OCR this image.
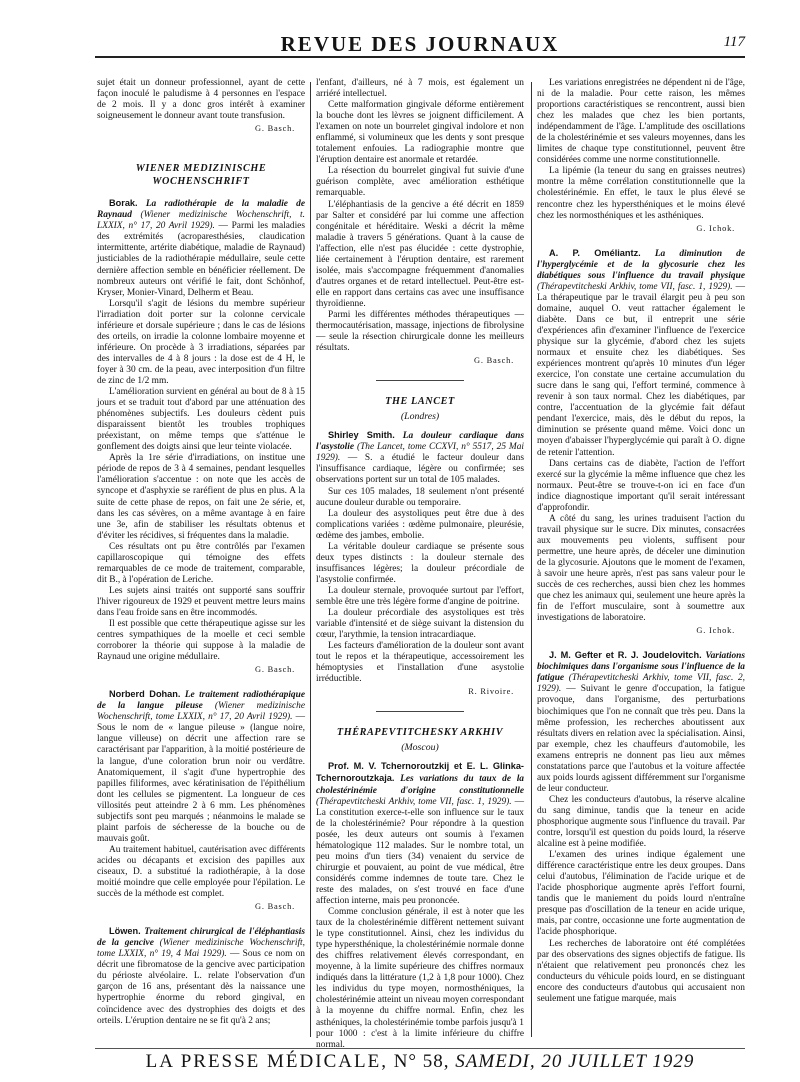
REVUE DES JOURNAUX	117

sujet était un donneur professionnel, ayant de cette façon inoculé le paludisme à 4 personnes en l'espace de 2 mois. Il y a donc gros intérêt à examiner soigneusement le donneur avant toute transfusion.

G. Basch.
WIENER MEDIZINISCHE WOCHENSCHRIFT

Borak. La radiothérapie de la maladie de Raynaud (Wiener medizinische Wochenschrift, t. LXXIX, n° 17, 20 Avril 1929). — Parmi les maladies des extrémités (acroparesthésies, claudication intermittente, artérite diabétique, maladie de Raynaud) justiciables de la radiothérapie médullaire, seule cette dernière affection semble en bénéficier réellement. De nombreux auteurs ont vérifié le fait, dont Schönhof, Kryser, Monier-Vinard, Delherm et Beau.

Lorsqu'il s'agit de lésions du membre supérieur l'irradiation doit porter sur la colonne cervicale inférieure et dorsale supérieure ; dans le cas de lésions des orteils, on irradie la colonne lombaire moyenne et inférieure. On procède à 3 irradiations, séparées par des intervalles de 4 à 8 jours : la dose est de 4 H, le foyer à 30 cm. de la peau, avec interposition d'un filtre de zinc de 1/2 mm.

L'amélioration survient en général au bout de 8 à 15 jours et se traduit tout d'abord par une atténuation des phénomènes subjectifs. Les douleurs cèdent puis disparaissent bientôt les troubles trophiques préexistant, on même temps que s'atténue le gonflement des doigts ainsi que leur teinte violacée.

Après la 1re série d'irradiations, on institue une période de repos de 3 à 4 semaines, pendant lesquelles l'amélioration s'accentue : on note que les accès de syncope et d'asphyxie se raréfient de plus en plus. A la suite de cette phase de repos, on fait une 2e série, et, dans les cas sévères, on a même avantage à en faire une 3e, afin de stabiliser les résultats obtenus et d'éviter les récidives, si fréquentes dans la maladie.

Ces résultats ont pu être contrôlés par l'examen capillaroscopique qui témoigne des effets remarquables de ce mode de traitement, comparable, dit B., à l'opération de Leriche.

Les sujets ainsi traités ont supporté sans souffrir l'hiver rigoureux de 1929 et peuvent mettre leurs mains dans l'eau froide sans en être incommodés.

Il est possible que cette thérapeutique agisse sur les centres sympathiques de la moelle et ceci semble corroborer la théorie qui suppose à la maladie de Raynaud une origine médullaire.

G. Basch.

Norberd Dohan. Le traitement radiothérapique de la langue pileuse (Wiener medizinische Wochenschrift, tome LXXIX, n° 17, 20 Avril 1929). — Sous le nom de « langue pileuse » (langue noire, langue villeuse) on décrit une affection rare se caractérisant par l'apparition, à la moitié postérieure de la langue, d'une coloration brun noir ou verdâtre. Anatomiquement, il s'agit d'une hypertrophie des papilles filiformes, avec kératinisation de l'épithélium dont les cellules se pigmentent. La longueur de ces villosités peut atteindre 2 à 6 mm. Les phénomènes subjectifs sont peu marqués ; néanmoins le malade se plaint parfois de sécheresse de la bouche ou de mauvais goût.

Au traitement habituel, cautérisation avec différents acides ou décapants et excision des papilles aux ciseaux, D. a substitué la radiothérapie, à la dose moitié moindre que celle employée pour l'épilation. Le succès de la méthode est complet.

G. Basch.

Löwen. Traitement chirurgical de l'éléphantiasis de la gencive (Wiener medizinische Wochenschrift, tome LXXIX, n° 19, 4 Mai 1929). — Sous ce nom on décrit une fibromatose de la gencive avec participation du périoste alvéolaire. L. relate l'observation d'un garçon de 16 ans, présentant dès la naissance une hypertrophie énorme du rebord gingival, en coïncidence avec des dystrophies des doigts et des orteils. L'éruption dentaire ne se fit qu'à 2 ans;

l'enfant, d'ailleurs, né à 7 mois, est également un arriéré intellectuel.

Cette malformation gingivale déforme entièrement la bouche dont les lèvres se joignent difficilement. A l'examen on note un bourrelet gingival indolore et non enflammé, si volumineux que les dents y sont presque totalement enfouies. La radiographie montre que l'éruption dentaire est anormale et retardée.

La résection du bourrelet gingival fut suivie d'une guérison complète, avec amélioration esthétique remarquable.

L'éléphantiasis de la gencive a été décrit en 1859 par Salter et considéré par lui comme une affection congénitale et héréditaire. Weski a décrit la même maladie à travers 5 générations. Quant à la cause de l'affection, elle n'est pas élucidée : cette dystrophie, liée certainement à l'éruption dentaire, est rarement isolée, mais s'accompagne fréquemment d'anomalies d'autres organes et de retard intellectuel. Peut-être est-elle en rapport dans certains cas avec une insuffisance thyroïdienne.

Parmi les différentes méthodes thérapeutiques — thermocautérisation, massage, injections de fibrolysine — seule la résection chirurgicale donne les meilleurs résultats.

G. Basch.
THE LANCET
(Londres)

Shirley Smith. La douleur cardiaque dans l'asystolie (The Lancet, tome CCXVI, n° 5517, 25 Mai 1929). — S. a étudié le facteur douleur dans l'insuffisance cardiaque, légère ou confirmée; ses observations portent sur un total de 105 malades.

Sur ces 105 malades, 18 seulement n'ont présenté aucune douleur durable ou temporaire.

La douleur des asystoliques peut être due à des complications variées : œdème pulmonaire, pleurésie, œdème des jambes, embolie.

La véritable douleur cardiaque se présente sous deux types distincts : la douleur sternale des insuffisances légères; la douleur précordiale de l'asystolie confirmée.

La douleur sternale, provoquée surtout par l'effort, semble être une très légère forme d'angine de poitrine.

La douleur précordiale des asystoliques est très variable d'intensité et de siège suivant la distension du cœur, l'arythmie, la tension intracardiaque.

Les facteurs d'amélioration de la douleur sont avant tout le repos et la thérapeutique, accessoirement les hémoptysies et l'installation d'une asystolie irréductible.

R. Rivoire.
THÉRAPEVTITCHESKY ARKHIV
(Moscou)

Prof. M. V. Tchernoroutzkij et E. L. Glinka-Tchernoroutzkaja. Les variations du taux de la cholestérinémie d'origine constitutionnelle (Thérapevtitcheski Arkhiv, tome VII, fasc. 1, 1929). — La constitution exerce-t-elle son influence sur le taux de la cholestérinémie? Pour répondre à la question posée, les deux auteurs ont soumis à l'examen hématologique 112 malades. Sur le nombre total, un peu moins d'un tiers (34) venaient du service de chirurgie et pouvaient, au point de vue médical, être considérés comme indemnes de toute tare. Chez le reste des malades, on s'est trouvé en face d'une affection interne, mais peu prononcée.

Comme conclusion générale, il est à noter que les taux de la cholestérinémie diffèrent nettement suivant le type constitutionnel. Ainsi, chez les individus du type hypersthénique, la cholestérinémie normale donne des chiffres relativement élevés correspondant, en moyenne, à la limite supérieure des chiffres normaux indiqués dans la littérature (1,2 à 1,8 pour 1000). Chez les individus du type moyen, normosthéniques, la cholestérinémie atteint un niveau moyen correspondant à la moyenne du chiffre normal. Enfin, chez les asthéniques, la cholestérinémie tombe parfois jusqu'à 1 pour 1000 : c'est à la limite inférieure du chiffre normal.

Les variations enregistrées ne dépendent ni de l'âge, ni de la maladie. Pour cette raison, les mêmes proportions caractéristiques se rencontrent, aussi bien chez les malades que chez les bien portants, indépendamment de l'âge. L'amplitude des oscillations de la cholestérinémie et ses valeurs moyennes, dans les limites de chaque type constitutionnel, peuvent être considérées comme une norme constitutionnelle.

La lipémie (la teneur du sang en graisses neutres) montre la même corrélation constitutionnelle que la cholestérinémie. En effet, le taux le plus élevé se rencontre chez les hypersthéniques et le moins élevé chez les normosthéniques et les asthéniques.

G. Ichok.

A. P. Oméliantz. La diminution de l'hyperglycémie et de la glycosurie chez les diabétiques sous l'influence du travail physique (Thérapevtitcheski Arkhiv, tome VII, fasc. 1, 1929). — La thérapeutique par le travail élargit peu à peu son domaine, auquel O. veut rattacher également le diabète. Dans ce but, il entreprit une série d'expériences afin d'examiner l'influence de l'exercice physique sur la glycémie, d'abord chez les sujets normaux et ensuite chez les diabétiques. Ses expériences montrent qu'après 10 minutes d'un léger exercice, l'on constate une certaine accumulation du sucre dans le sang qui, l'effort terminé, commence à revenir à son taux normal. Chez les diabétiques, par contre, l'accentuation de la glycémie fait défaut pendant l'exercice, mais, dès le début du repos, la diminution se présente quand même. Voici donc un moyen d'abaisser l'hyperglycémie qui paraît à O. digne de retenir l'attention.

Dans certains cas de diabète, l'action de l'effort exercé sur la glycémie la même influence que chez les normaux. Peut-être se trouve-t-on ici en face d'un indice diagnostique important qu'il serait intéressant d'approfondir.

A côté du sang, les urines traduisent l'action du travail physique sur le sucre. Dix minutes, consacrées aux mouvements peu violents, suffisent pour permettre, une heure après, de déceler une diminution de la glycosurie. Ajoutons que le moment de l'examen, à savoir une heure après, n'est pas sans valeur pour le succès de ces recherches, aussi bien chez les hommes que chez les animaux qui, seulement une heure après la fin de l'effort musculaire, sont à soumettre aux investigations de laboratoire.

G. Ichok.

J. M. Gefter et R. J. Joudelovitch. Variations biochimiques dans l'organisme sous l'influence de la fatigue (Thérapevtitcheski Arkhiv, tome VII, fasc. 2, 1929). — Suivant le genre d'occupation, la fatigue provoque, dans l'organisme, des perturbations biochimiques que l'on ne connaît que très peu. Dans la même profession, les recherches aboutissent aux résultats divers en relation avec la spécialisation. Ainsi, par exemple, chez les chauffeurs d'automobile, les examens entrepris ne donnent pas lieu aux mêmes constatations parce que l'autobus et la voiture affectée aux poids lourds agissent différemment sur l'organisme de leur conducteur.

Chez les conducteurs d'autobus, la réserve alcaline du sang diminue, tandis que la teneur en acide phosphorique augmente sous l'influence du travail. Par contre, lorsqu'il est question du poids lourd, la réserve alcaline est à peine modifiée.

L'examen des urines indique également une différence caractéristique entre les deux groupes. Dans celui d'autobus, l'élimination de l'acide urique et de l'acide phosphorique augmente après l'effort fourni, tandis que le maniement du poids lourd n'entraîne presque pas d'oscillation de la teneur en acide urique, mais, par contre, occasionne une forte augmentation de l'acide phosphorique.

Les recherches de laboratoire ont été complétées par des observations des signes objectifs de fatigue. Ils n'étaient que relativement peu prononcés chez les conducteurs du véhicule poids lourd, en se distinguant encore des conducteurs d'autobus qui accusaient non seulement une fatigue marquée, mais

LA PRESSE MÉDICALE, N° 58, SAMEDI, 20 JUILLET 1929
